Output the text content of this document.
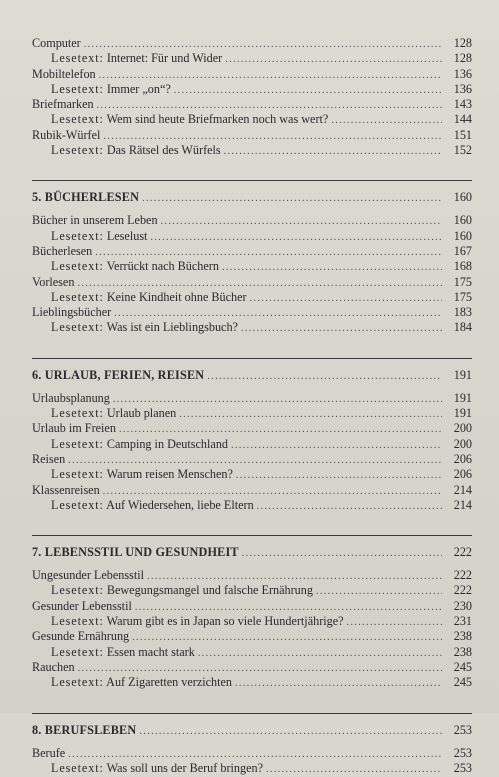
Computer .....	128
Lesetext: Internet: Für und Wider .....	128
Mobiltelefon .....	136
Lesetext: Immer „on“? .....	136
Briefmarken .....	143
Lesetext: Wem sind heute Briefmarken noch was wert? .....	144
Rubik-Würfel .....	151
Lesetext: Das Rätsel des Würfels .....	152
5. BÜCHERLESEN .....	160
Bücher in unserem Leben .....	160
Lesetext: Leselust .....	160
Bücherlesen .....	167
Lesetext: Verrückt nach Büchern .....	168
Vorlesen .....	175
Lesetext: Keine Kindheit ohne Bücher .....	175
Lieblingsbücher .....	183
Lesetext: Was ist ein Lieblingsbuch? .....	184
6. URLAUB, FERIEN, REISEN .....	191
Urlaubsplanung .....	191
Lesetext: Urlaub planen .....	191
Urlaub im Freien .....	200
Lesetext: Camping in Deutschland .....	200
Reisen .....	206
Lesetext: Warum reisen Menschen? .....	206
Klassenreisen .....	214
Lesetext: Auf Wiedersehen, liebe Eltern .....	214
7. LEBENSSTIL UND GESUNDHEIT .....	222
Ungesunder Lebensstil .....	222
Lesetext: Bewegungsmangel und falsche Ernährung .....	222
Gesunder Lebensstil .....	230
Lesetext: Warum gibt es in Japan so viele Hundertjährige? .....	231
Gesunde Ernährung .....	238
Lesetext: Essen macht stark .....	238
Rauchen .....	245
Lesetext: Auf Zigaretten verzichten .....	245
8. BERUFSLEBEN .....	253
Berufe .....	253
Lesetext: Was soll uns der Beruf bringen? .....	253
